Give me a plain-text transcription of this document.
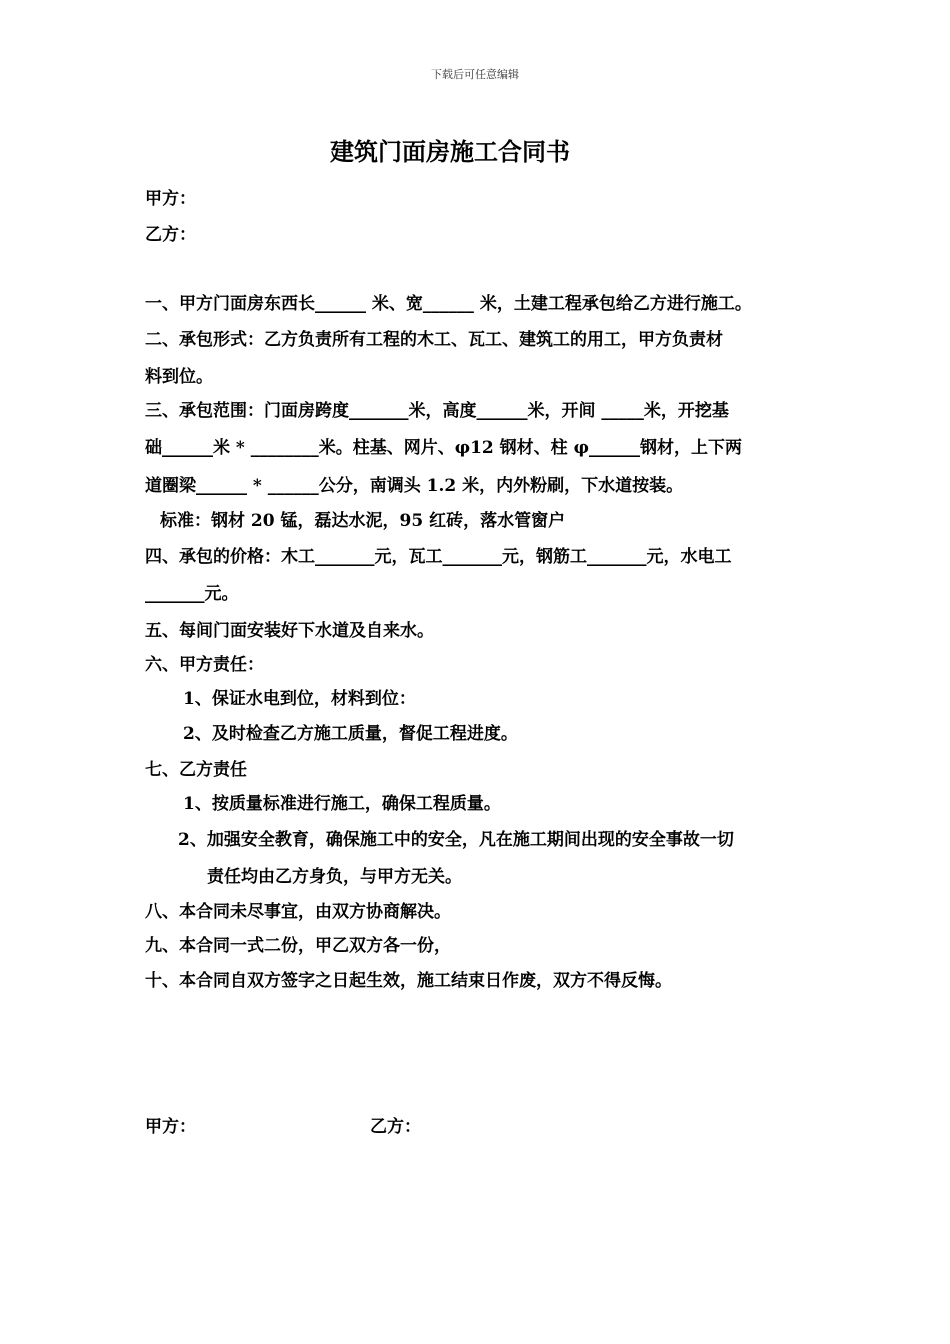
下载后可任意编辑
建筑门面房施工合同书
甲方：
乙方：
一、甲方门面房东西长______ 米、宽______ 米，土建工程承包给乙方进行施工。
二、承包形式：乙方负责所有工程的木工、瓦工、建筑工的用工，甲方负责材
料到位。
三、承包范围：门面房跨度_______米，高度______米，开间 _____米，开挖基
础______米 * ________米。柱基、网片、φ12 钢材、柱 φ______钢材，上下两
道圈梁______ * ______公分，南调头 1.2 米，内外粉刷，下水道按装。
标准：钢材 20 锰，磊达水泥，95 红砖，落水管窗户
四、承包的价格：木工_______元，瓦工_______元，钢筋工_______元，水电工
_______元。
五、每间门面安装好下水道及自来水。
六、甲方责任：
1、保证水电到位，材料到位：
2、及时检查乙方施工质量，督促工程进度。
七、乙方责任
1、按质量标准进行施工，确保工程质量。
2、加强安全教育，确保施工中的安全，凡在施工期间出现的安全事故一切
责任均由乙方身负，与甲方无关。
八、本合同未尽事宜，由双方协商解决。
九、本合同一式二份，甲乙双方各一份，
十、本合同自双方签字之日起生效，施工结束日作废，双方不得反悔。
甲方：	乙方：
